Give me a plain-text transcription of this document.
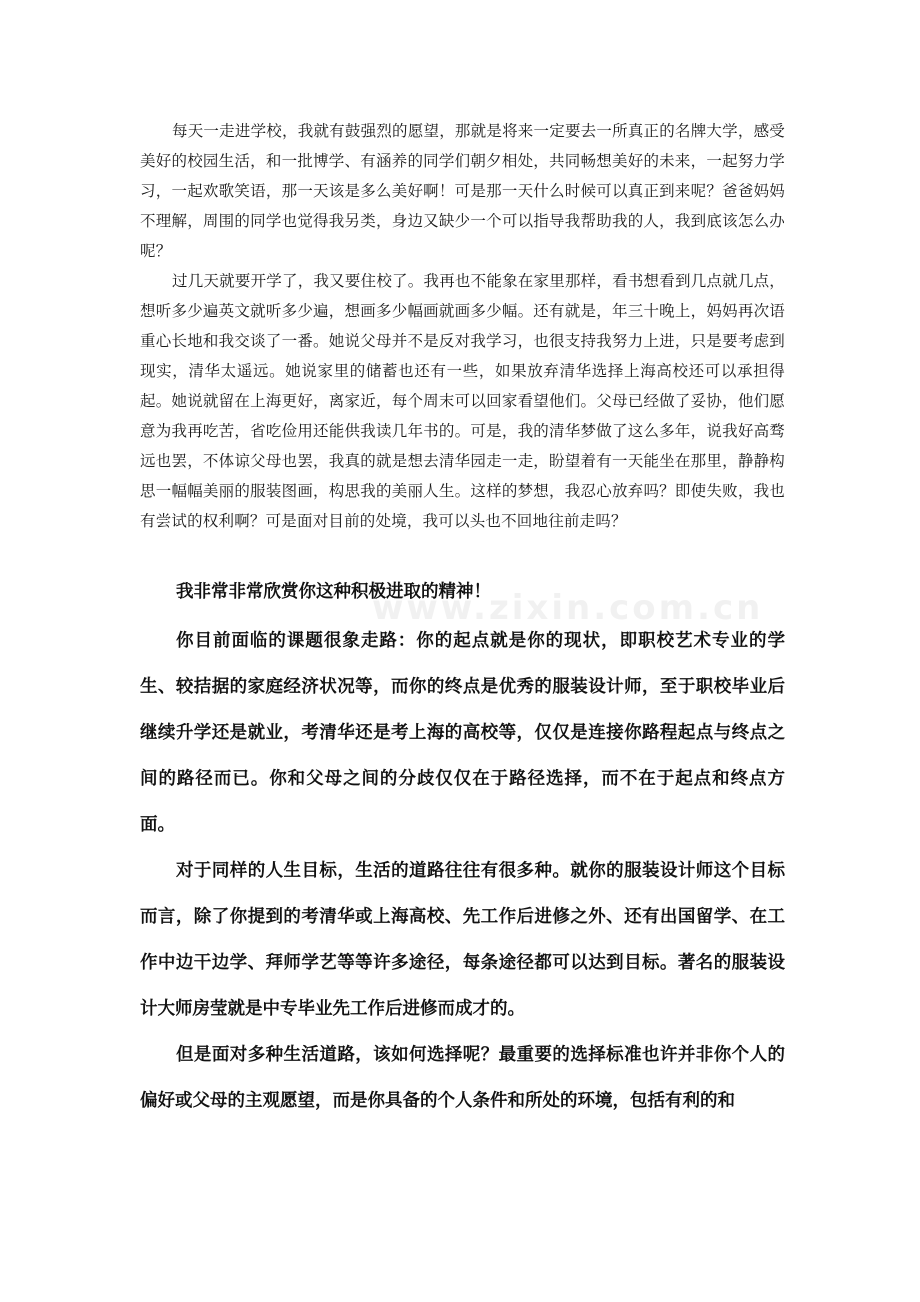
www.zixin.com.cn

每天一走进学校，我就有鼓强烈的愿望，那就是将来一定要去一所真正的名牌大学，感受美好的校园生活，和一批博学、有涵养的同学们朝夕相处，共同畅想美好的未来，一起努力学习，一起欢歌笑语，那一天该是多么美好啊！可是那一天什么时候可以真正到来呢？爸爸妈妈不理解，周围的同学也觉得我另类，身边又缺少一个可以指导我帮助我的人，我到底该怎么办呢？

过几天就要开学了，我又要住校了。我再也不能象在家里那样，看书想看到几点就几点，想听多少遍英文就听多少遍，想画多少幅画就画多少幅。还有就是，年三十晚上，妈妈再次语重心长地和我交谈了一番。她说父母并不是反对我学习，也很支持我努力上进，只是要考虑到现实，清华太遥远。她说家里的储蓄也还有一些，如果放弃清华选择上海高校还可以承担得起。她说就留在上海更好，离家近，每个周末可以回家看望他们。父母已经做了妥协，他们愿意为我再吃苦，省吃俭用还能供我读几年书的。可是，我的清华梦做了这么多年，说我好高骛远也罢，不体谅父母也罢，我真的就是想去清华园走一走，盼望着有一天能坐在那里，静静构思一幅幅美丽的服装图画，构思我的美丽人生。这样的梦想，我忍心放弃吗？即使失败，我也有尝试的权利啊？可是面对目前的处境，我可以头也不回地往前走吗？

我非常非常欣赏你这种积极进取的精神！

你目前面临的课题很象走路：你的起点就是你的现状，即职校艺术专业的学生、较拮据的家庭经济状况等，而你的终点是优秀的服装设计师，至于职校毕业后继续升学还是就业，考清华还是考上海的高校等，仅仅是连接你路程起点与终点之间的路径而已。你和父母之间的分歧仅仅在于路径选择，而不在于起点和终点方面。

对于同样的人生目标，生活的道路往往有很多种。就你的服装设计师这个目标而言，除了你提到的考清华或上海高校、先工作后进修之外、还有出国留学、在工作中边干边学、拜师学艺等等许多途径，每条途径都可以达到目标。著名的服装设计大师房莹就是中专毕业先工作后进修而成才的。

但是面对多种生活道路，该如何选择呢？最重要的选择标准也许并非你个人的偏好或父母的主观愿望，而是你具备的个人条件和所处的环境，包括有利的和
